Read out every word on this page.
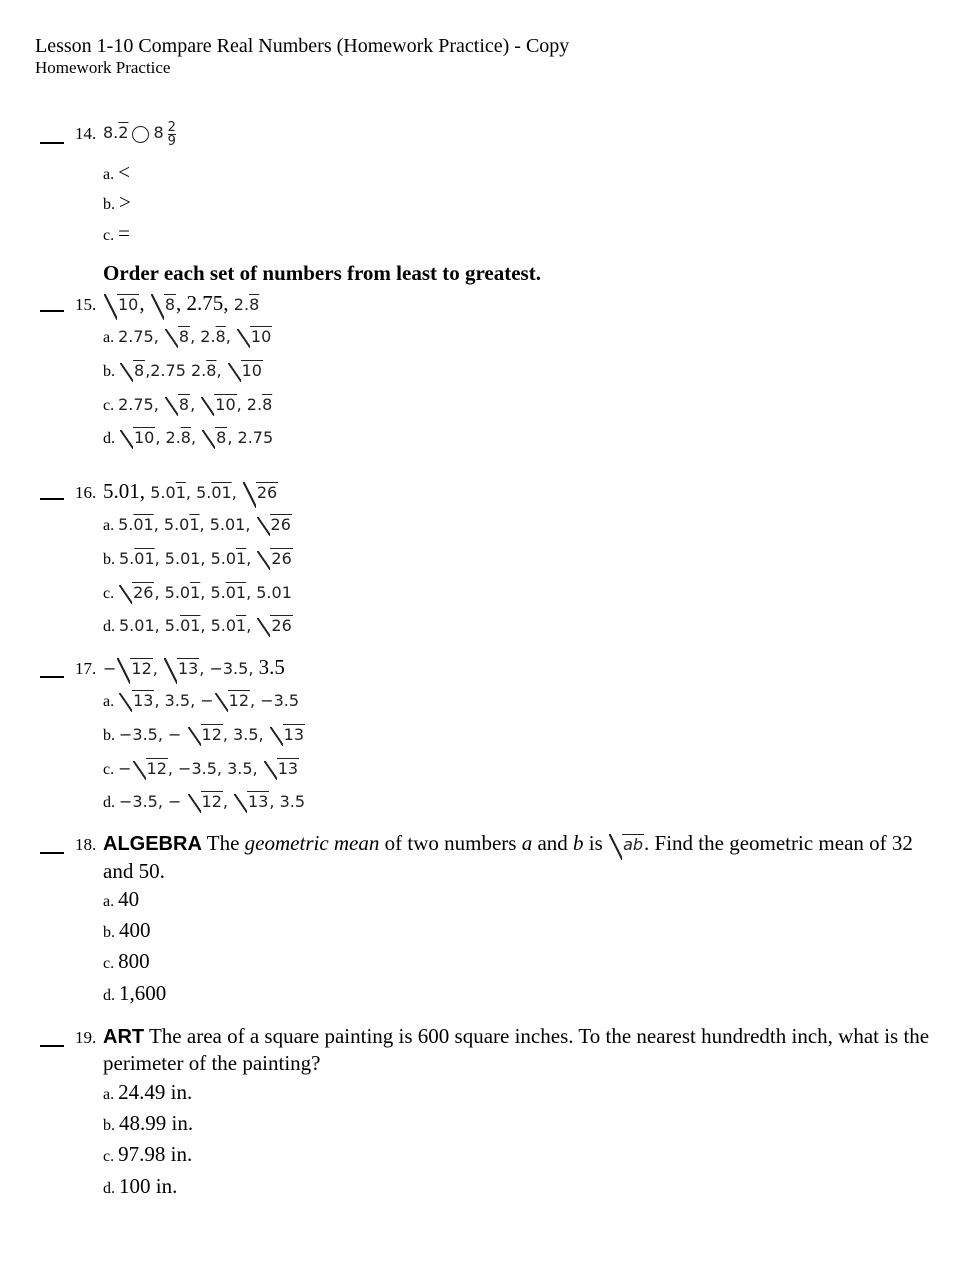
Lesson 1-10 Compare Real Numbers (Homework Practice) - Copy
Homework Practice
14. 8.2 $8 \frac{2}{9}$
a. <
b. >
c. =
Order each set of numbers from least to greatest.
15.	10, 8, 2.75, 2.8
a. 2.75, 8, 2.8, 10
b. 8,2.75 2.8, 10
c. 2.75, 8, 10, 2.8
d. 10, 2.8, 8, 2.75
16. 5.01, 5.01, 5.01, 26
a. 5.01, 5.01, 5.01, 26
b. 5.01, 5.01, 5.01, 26
c. 26, 5.01, 5.01, 5.01
d. 5.01, 5.01, 5.01, 26
17. − 12, 13, −3.5, 3.5
a. 13, 3.5, − 12, −3.5
b. −3.5, − 12, 3.5, 13
c. − 12, −3.5, 3.5, 13
d. −3.5, − 12, 13, 3.5
18. ALGEBRA The geometric mean of two numbers a and b is ab. Find the geometric mean of 32 and 50.
a. 40
b. 400
c. 800
d. 1,600
19. ART The area of a square painting is 600 square inches. To the nearest hundredth inch, what is the perimeter of the painting?
a. 24.49 in.
b. 48.99 in.
c. 97.98 in.
d. 100 in.
